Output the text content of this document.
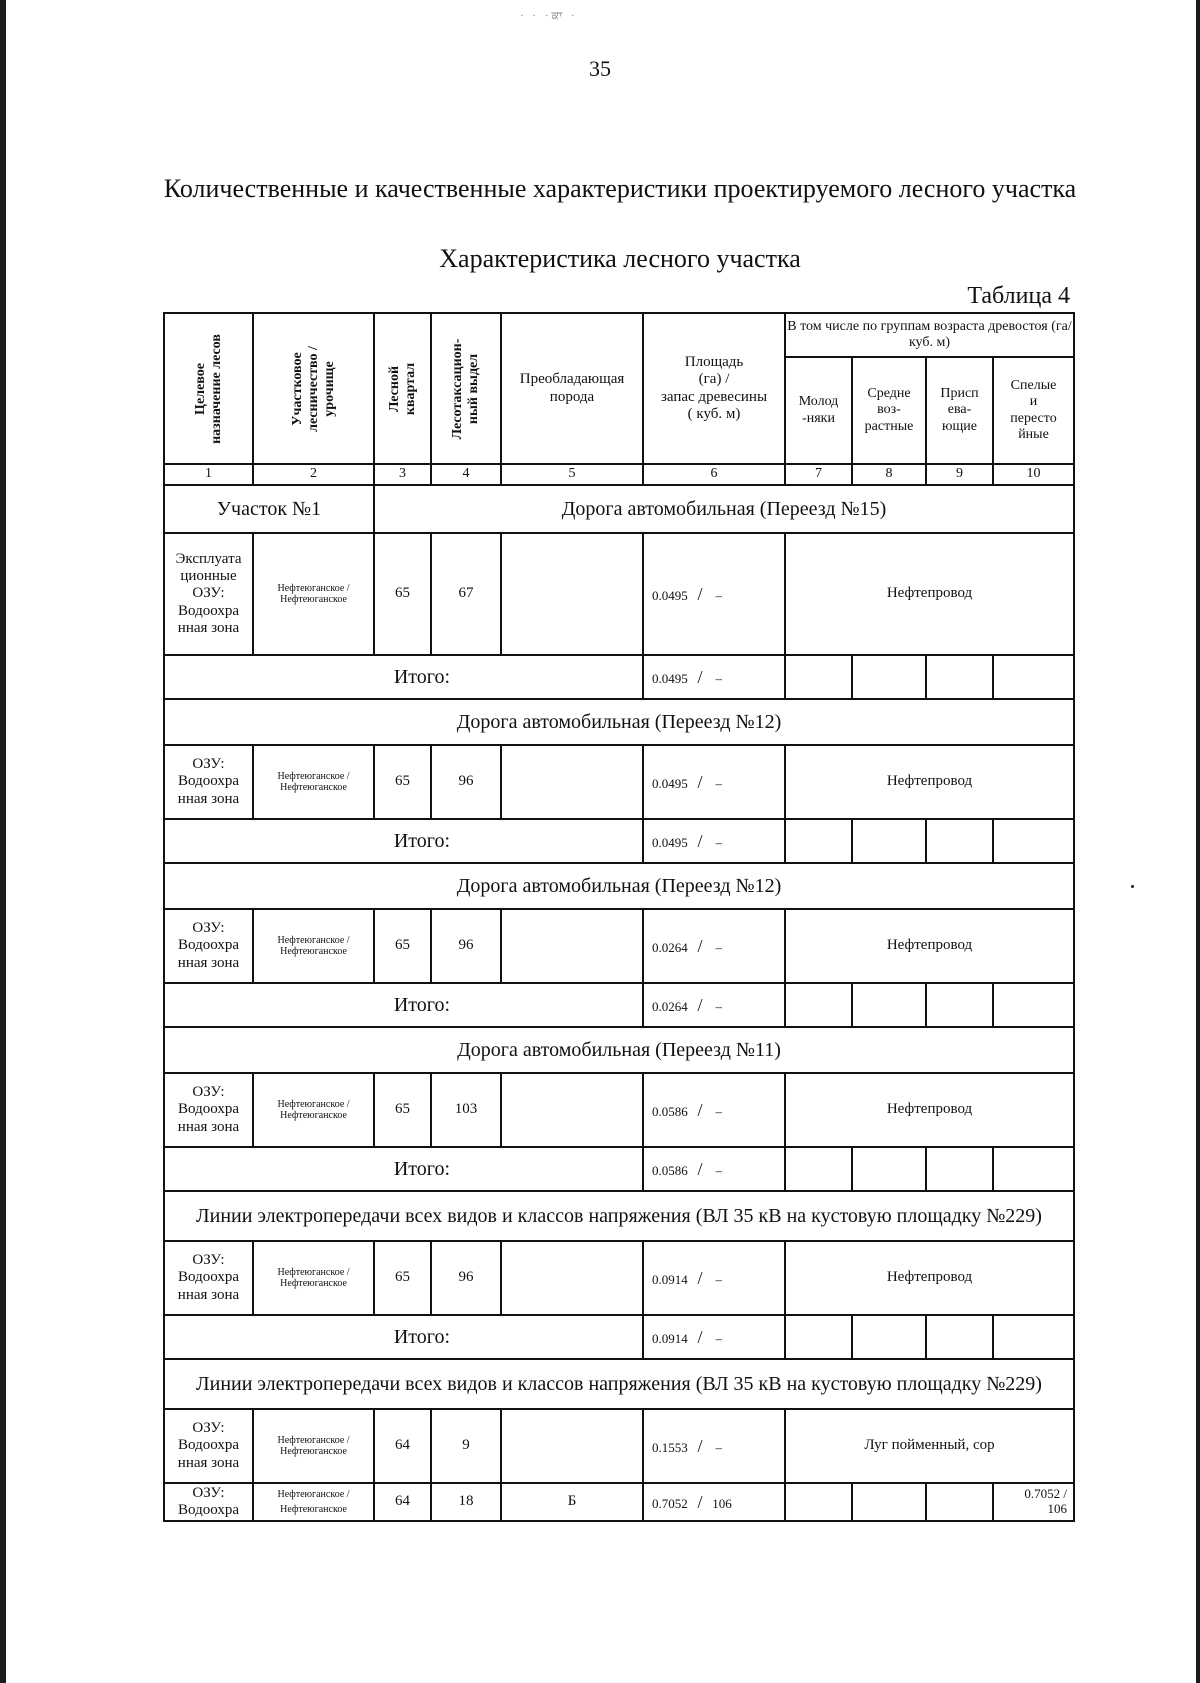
· · ·ਕਾ ·
35
Количественные и качественные характеристики проектируемого лесного участка
Характеристика лесного участка
Таблица 4
Целевое
назначение лесов	Участковое
лесничество /
урочище	Лесной
квартал	Лесотаксацион-
ный выдел	Преобладающая
порода	Площадь
(га) /
запас древесины
( куб. м)	В том числе по группам возраста древостоя (га/ куб. м)			
						Молод
-няки	Средне
воз-
растные	Присп
ева-
ющие	Спелые
и
пересто
йные
1	2	3	4	5	6	7	8	9	10
Участок №1		Дорога автомобильная (Переезд №15)							
Эксплуата
ционные
ОЗУ:
Водоохра
нная зона	Нефтеюганское /
Нефтеюганское	65	67		0.0495 / –	Нефтепровод			
Итого:					0.0495 / –				
Дорога автомобильная (Переезд №12)									
ОЗУ:
Водоохра
нная зона	Нефтеюганское /
Нефтеюганское	65	96		0.0495 / –	Нефтепровод			
Итого:					0.0495 / –				
Дорога автомобильная (Переезд №12)									
ОЗУ:
Водоохра
нная зона	Нефтеюганское /
Нефтеюганское	65	96		0.0264 / –	Нефтепровод			
Итого:					0.0264 / –				
Дорога автомобильная (Переезд №11)									
ОЗУ:
Водоохра
нная зона	Нефтеюганское /
Нефтеюганское	65	103		0.0586 / –	Нефтепровод			
Итого:					0.0586 / –				
Линии электропередачи всех видов и классов напряжения (ВЛ 35 кВ на кустовую площадку №229)									
ОЗУ:
Водоохра
нная зона	Нефтеюганское /
Нефтеюганское	65	96		0.0914 / –	Нефтепровод			
Итого:					0.0914 / –				
Линии электропередачи всех видов и классов напряжения (ВЛ 35 кВ на кустовую площадку №229)									
ОЗУ:
Водоохра
нная зона	Нефтеюганское /
Нефтеюганское	64	9		0.1553 / –	Луг пойменный, сор			
ОЗУ:
Водоохра	Нефтеюганское /
Нефтеюганское	64	18	Б	0.7052 / 106				0.7052 /
106
